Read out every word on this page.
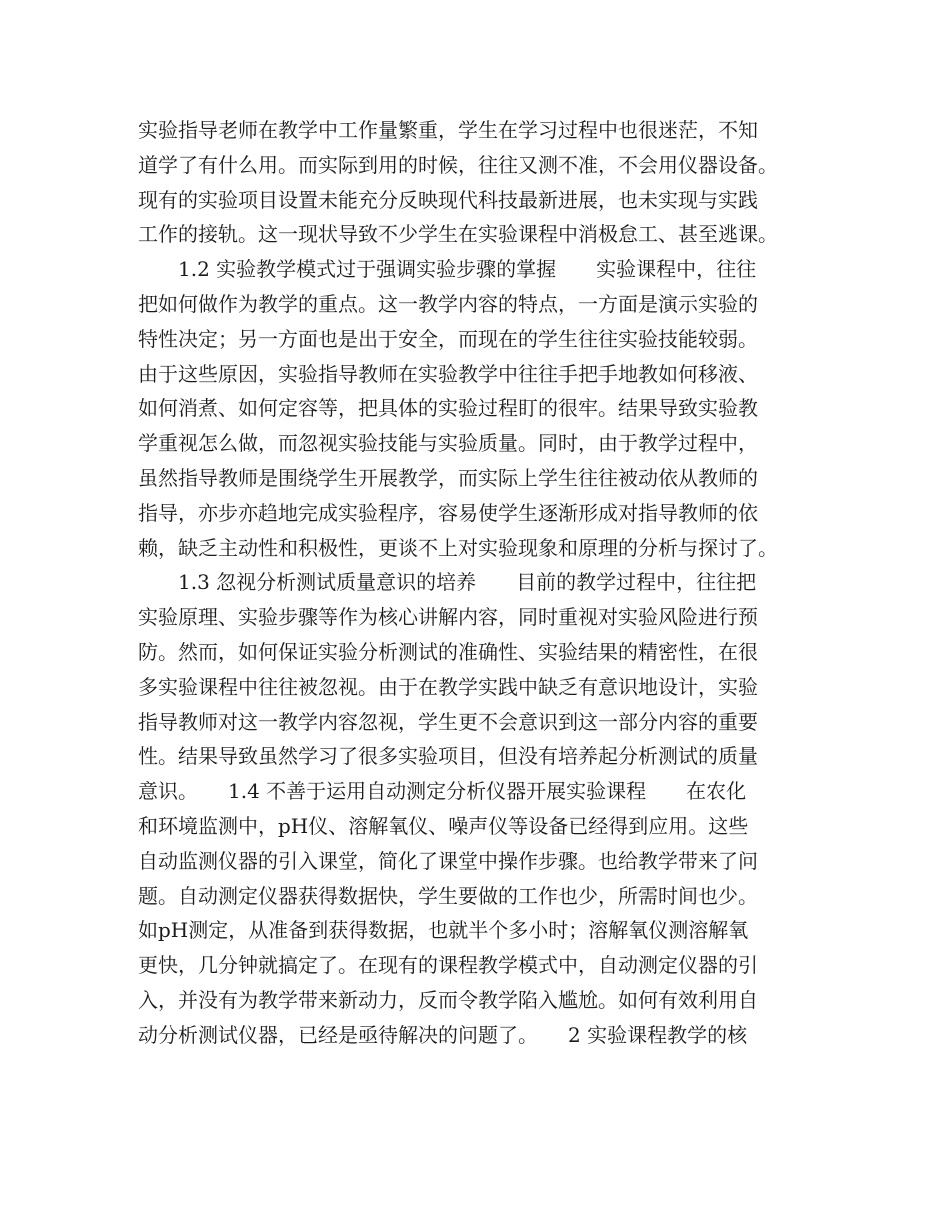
实验指导老师在教学中工作量繁重，学生在学习过程中也很迷茫，不知
道学了有什么用。而实际到用的时候，往往又测不准，不会用仪器设备。
现有的实验项目设置未能充分反映现代科技最新进展，也未实现与实践
工作的接轨。这一现状导致不少学生在实验课程中消极怠工、甚至逃课。
　　1.2 实验教学模式过于强调实验步骤的掌握　　实验课程中，往往
把如何做作为教学的重点。这一教学内容的特点，一方面是演示实验的
特性决定；另一方面也是出于安全，而现在的学生往往实验技能较弱。
由于这些原因，实验指导教师在实验教学中往往手把手地教如何移液、
如何消煮、如何定容等，把具体的实验过程盯的很牢。结果导致实验教
学重视怎么做，而忽视实验技能与实验质量。同时，由于教学过程中，
虽然指导教师是围绕学生开展教学，而实际上学生往往被动依从教师的
指导，亦步亦趋地完成实验程序，容易使学生逐渐形成对指导教师的依
赖，缺乏主动性和积极性，更谈不上对实验现象和原理的分析与探讨了。
　　1.3 忽视分析测试质量意识的培养　　目前的教学过程中，往往把
实验原理、实验步骤等作为核心讲解内容，同时重视对实验风险进行预
防。然而，如何保证实验分析测试的准确性、实验结果的精密性，在很
多实验课程中往往被忽视。由于在教学实践中缺乏有意识地设计，实验
指导教师对这一教学内容忽视，学生更不会意识到这一部分内容的重要
性。结果导致虽然学习了很多实验项目，但没有培养起分析测试的质量
意识。　　1.4 不善于运用自动测定分析仪器开展实验课程　　在农化
和环境监测中，pH仪、溶解氧仪、噪声仪等设备已经得到应用。这些
自动监测仪器的引入课堂，简化了课堂中操作步骤。也给教学带来了问
题。自动测定仪器获得数据快，学生要做的工作也少，所需时间也少。
如pH测定，从准备到获得数据，也就半个多小时；溶解氧仪测溶解氧
更快，几分钟就搞定了。在现有的课程教学模式中，自动测定仪器的引
入，并没有为教学带来新动力，反而令教学陷入尴尬。如何有效利用自
动分析测试仪器，已经是亟待解决的问题了。　　2 实验课程教学的核
